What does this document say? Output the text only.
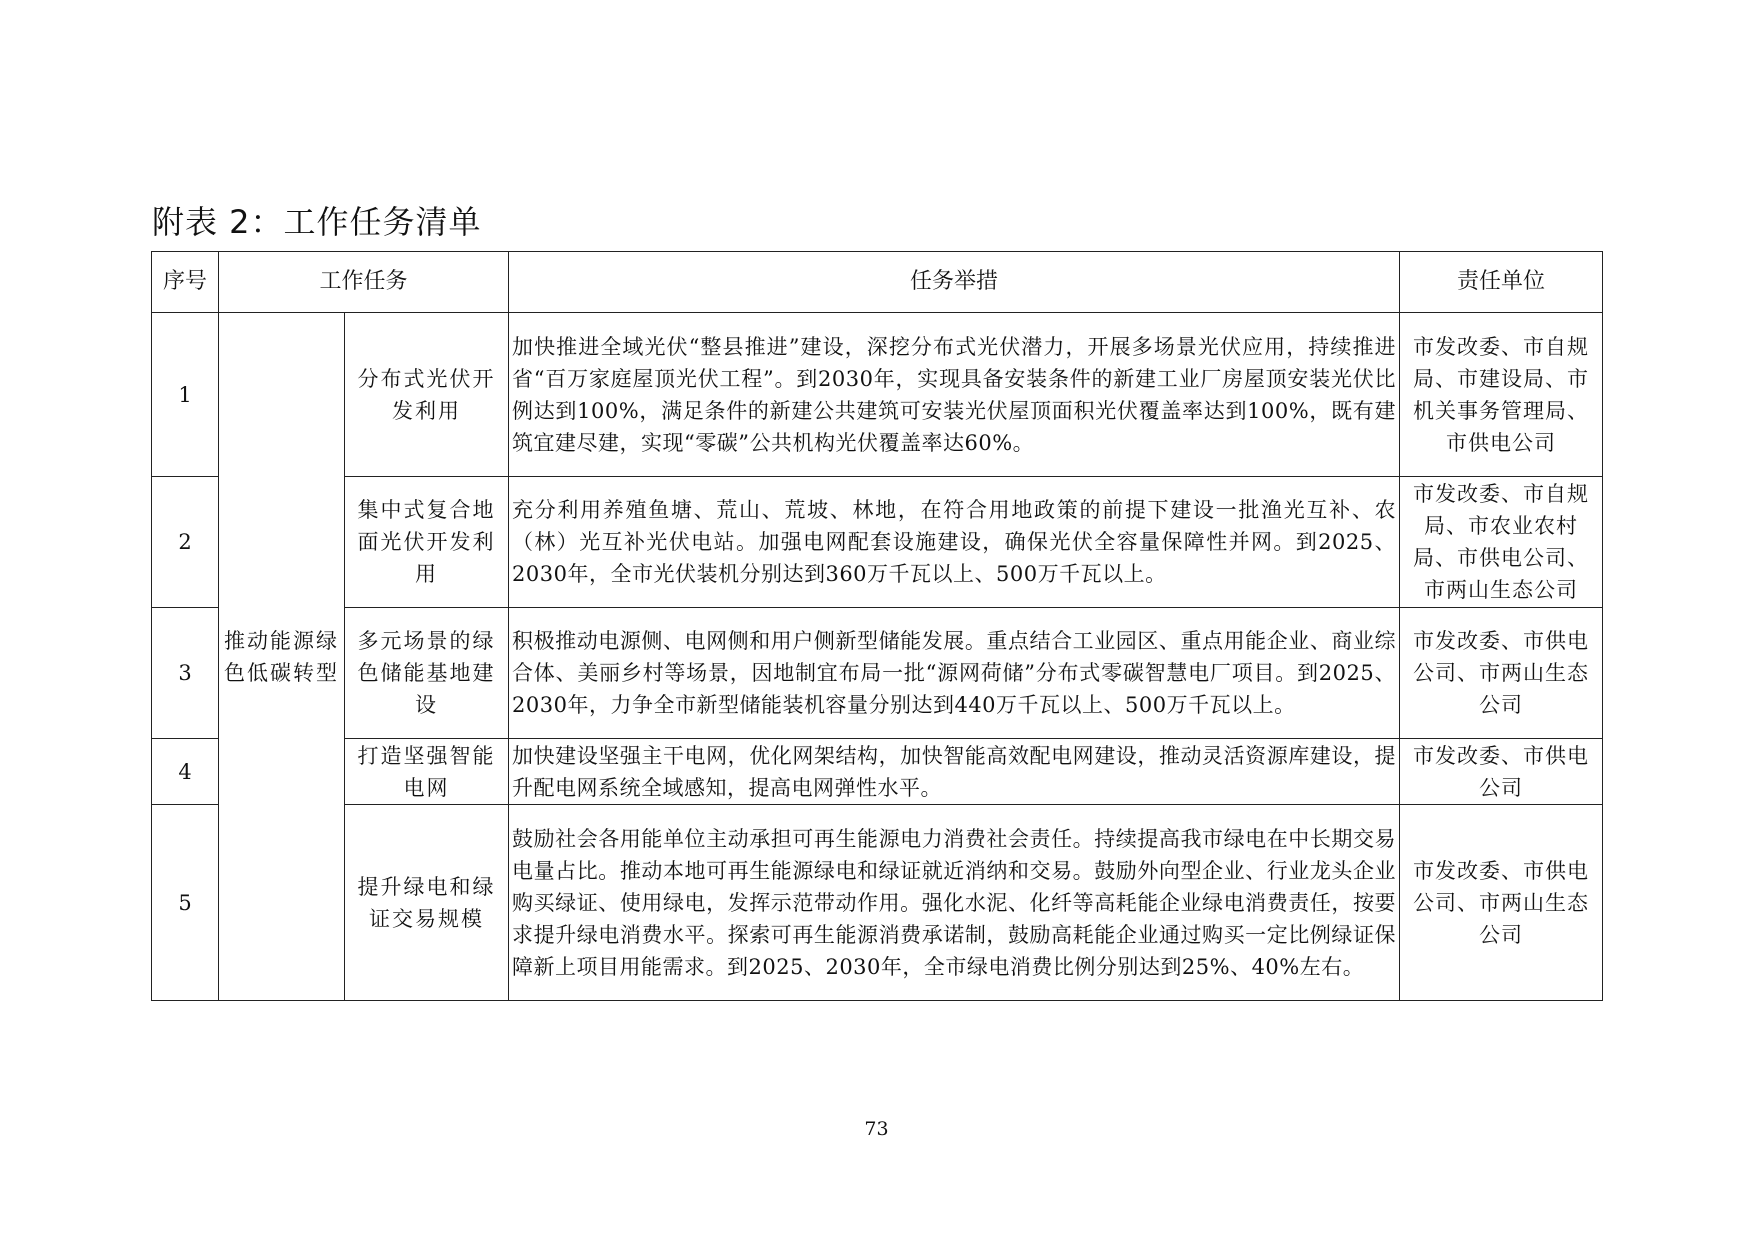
附表 2：工作任务清单
序号	工作任务		任务举措	责任单位
1	推动能源绿色低碳转型	分布式光伏开发利用	加快推进全域光伏“整县推进”建设，深挖分布式光伏潜力，开展多场景光伏应用，持续推进省“百万家庭屋顶光伏工程”。到2030年，实现具备安装条件的新建工业厂房屋顶安装光伏比例达到100%，满足条件的新建公共建筑可安装光伏屋顶面积光伏覆盖率达到100%，既有建筑宜建尽建，实现“零碳”公共机构光伏覆盖率达60%。	市发改委、市自规局、市建设局、市机关事务管理局、市供电公司
2		集中式复合地面光伏开发利用	充分利用养殖鱼塘、荒山、荒坡、林地，在符合用地政策的前提下建设一批渔光互补、农（林）光互补光伏电站。加强电网配套设施建设，确保光伏全容量保障性并网。到2025、2030年，全市光伏装机分别达到360万千瓦以上、500万千瓦以上。	市发改委、市自规局、市农业农村局、市供电公司、市两山生态公司
3		多元场景的绿色储能基地建设	积极推动电源侧、电网侧和用户侧新型储能发展。重点结合工业园区、重点用能企业、商业综合体、美丽乡村等场景，因地制宜布局一批“源网荷储”分布式零碳智慧电厂项目。到2025、2030年，力争全市新型储能装机容量分别达到440万千瓦以上、500万千瓦以上。	市发改委、市供电公司、市两山生态公司
4		打造坚强智能电网	加快建设坚强主干电网，优化网架结构，加快智能高效配电网建设，推动灵活资源库建设，提升配电网系统全域感知，提高电网弹性水平。	市发改委、市供电公司
5		提升绿电和绿证交易规模	鼓励社会各用能单位主动承担可再生能源电力消费社会责任。持续提高我市绿电在中长期交易电量占比。推动本地可再生能源绿电和绿证就近消纳和交易。鼓励外向型企业、行业龙头企业购买绿证、使用绿电，发挥示范带动作用。强化水泥、化纤等高耗能企业绿电消费责任，按要求提升绿电消费水平。探索可再生能源消费承诺制，鼓励高耗能企业通过购买一定比例绿证保障新上项目用能需求。到2025、2030年，全市绿电消费比例分别达到25%、40%左右。	市发改委、市供电公司、市两山生态公司
73
